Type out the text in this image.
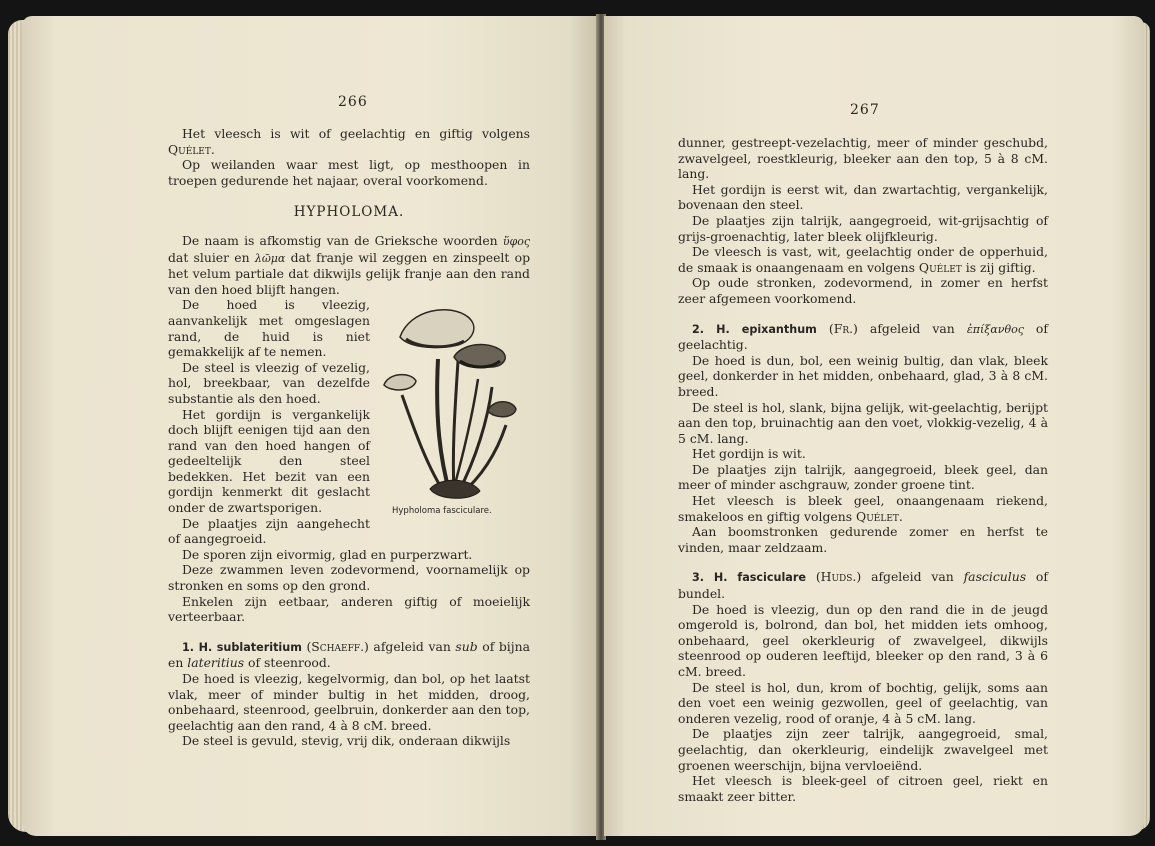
266

Het vleesch is wit of geelachtig en giftig volgens Quélet.

Op weilanden waar mest ligt, op mesthoopen in troepen gedurende het najaar, overal voorkomend.

HYPHOLOMA.

De naam is afkomstig van de Grieksche woorden ὕφος dat sluier en λῶμα dat franje wil zeggen en zinspeelt op het velum partiale dat dikwijls gelijk franje aan den rand van den hoed blijft hangen.

Hypholoma fasciculare.

De hoed is vleezig, aanvankelijk met omgeslagen rand, de huid is niet gemakkelijk af te nemen.

De steel is vleezig of vezelig, hol, breekbaar, van dezelfde substantie als den hoed.

Het gordijn is vergankelijk doch blijft eenigen tijd aan den rand van den hoed hangen of gedeeltelijk den steel bedekken. Het bezit van een gordijn kenmerkt dit geslacht onder de zwartsporigen.

De plaatjes zijn aangehecht of aangegroeid.

De sporen zijn eivormig, glad en purperzwart.

Deze zwammen leven zodevormend, voornamelijk op stronken en soms op den grond.

Enkelen zijn eetbaar, anderen giftig of moeielijk verteerbaar.

1. H. sublateritium (Schaeff.) afgeleid van sub of bijna en lateritius of steenrood.

De hoed is vleezig, kegelvormig, dan bol, op het laatst vlak, meer of minder bultig in het midden, droog, onbehaard, steenrood, geelbruin, donkerder aan den top, geelachtig aan den rand, 4 à 8 cM. breed.

De steel is gevuld, stevig, vrij dik, onderaan dikwijls

267

dunner, gestreept-vezelachtig, meer of minder geschubd, zwavelgeel, roestkleurig, bleeker aan den top, 5 à 8 cM. lang.

Het gordijn is eerst wit, dan zwartachtig, vergankelijk, bovenaan den steel.

De plaatjes zijn talrijk, aangegroeid, wit-grijsachtig of grijs-groenachtig, later bleek olijfkleurig.

De vleesch is vast, wit, geelachtig onder de opperhuid, de smaak is onaangenaam en volgens Quélet is zij giftig.

Op oude stronken, zodevormend, in zomer en herfst zeer afgemeen voorkomend.

2. H. epixanthum (Fr.) afgeleid van ἐπίξανθος of geelachtig.

De hoed is dun, bol, een weinig bultig, dan vlak, bleek geel, donkerder in het midden, onbehaard, glad, 3 à 8 cM. breed.

De steel is hol, slank, bijna gelijk, wit-geelachtig, berijpt aan den top, bruinachtig aan den voet, vlokkig-vezelig, 4 à 5 cM. lang.

Het gordijn is wit.

De plaatjes zijn talrijk, aangegroeid, bleek geel, dan meer of minder aschgrauw, zonder groene tint.

Het vleesch is bleek geel, onaangenaam riekend, smakeloos en giftig volgens Quélet.

Aan boomstronken gedurende zomer en herfst te vinden, maar zeldzaam.

3. H. fasciculare (Huds.) afgeleid van fasciculus of bundel.

De hoed is vleezig, dun op den rand die in de jeugd omgerold is, bolrond, dan bol, het midden iets omhoog, onbehaard, geel okerkleurig of zwavelgeel, dikwijls steenrood op ouderen leeftijd, bleeker op den rand, 3 à 6 cM. breed.

De steel is hol, dun, krom of bochtig, gelijk, soms aan den voet een weinig gezwollen, geel of geelachtig, van onderen vezelig, rood of oranje, 4 à 5 cM. lang.

De plaatjes zijn zeer talrijk, aangegroeid, smal, geelachtig, dan okerkleurig, eindelijk zwavelgeel met groenen weerschijn, bijna vervloeiënd.

Het vleesch is bleek-geel of citroen geel, riekt en smaakt zeer bitter.
